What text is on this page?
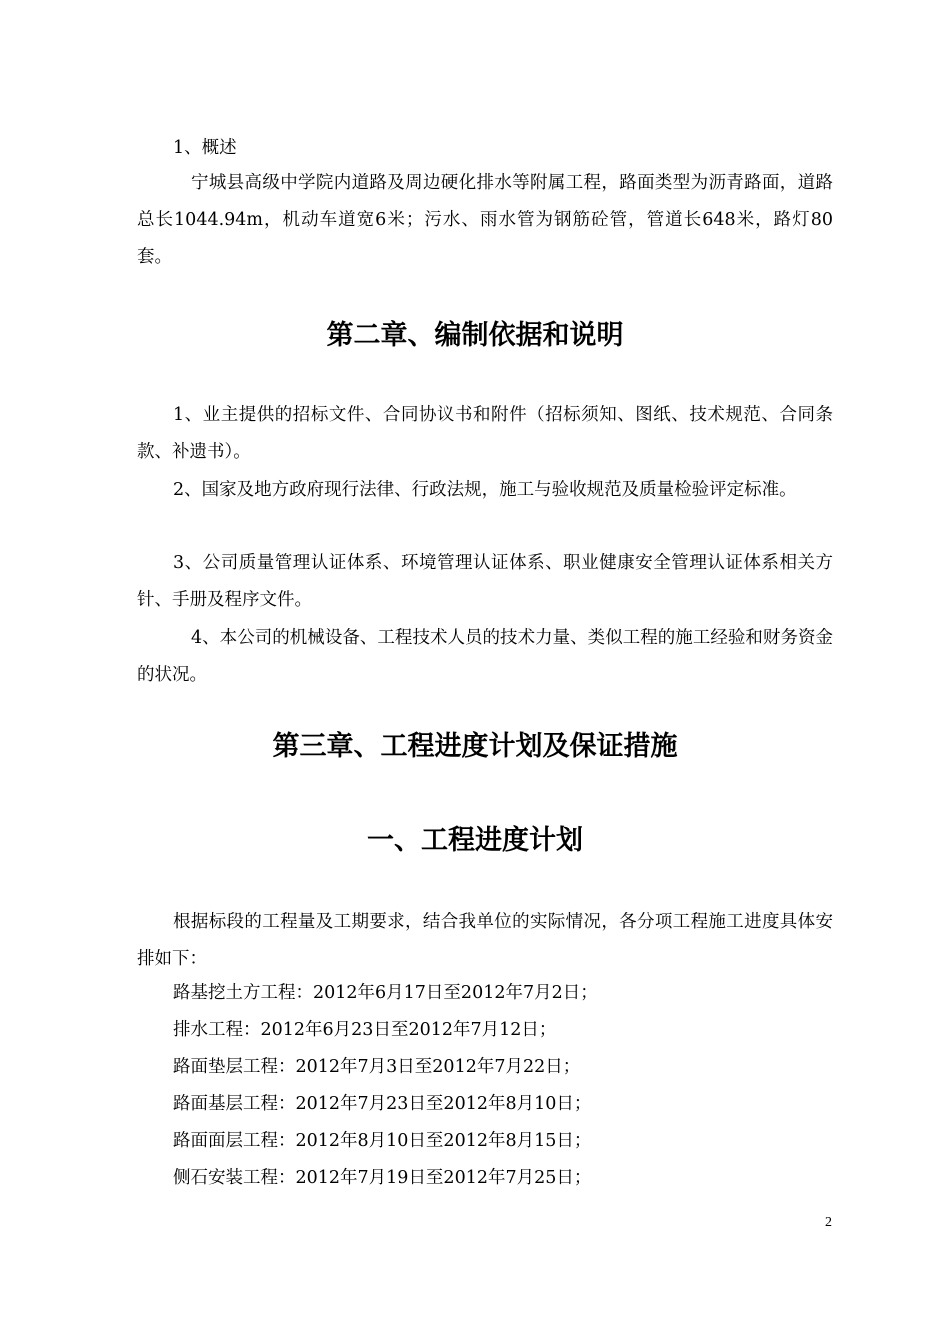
1、概述
宁城县高级中学院内道路及周边硬化排水等附属工程，路面类型为沥青路面，道路总长1044.94m，机动车道宽6米；污水、雨水管为钢筋砼管，管道长648米，路灯80套。
第二章、编制依据和说明
1、业主提供的招标文件、合同协议书和附件（招标须知、图纸、技术规范、合同条款、补遗书）。
2、国家及地方政府现行法律、行政法规，施工与验收规范及质量检验评定标准。
3、公司质量管理认证体系、环境管理认证体系、职业健康安全管理认证体系相关方针、手册及程序文件。
4、本公司的机械设备、工程技术人员的技术力量、类似工程的施工经验和财务资金的状况。
第三章、工程进度计划及保证措施
一、工程进度计划
根据标段的工程量及工期要求，结合我单位的实际情况，各分项工程施工进度具体安排如下：
路基挖土方工程：2012年6月17日至2012年7月2日；
排水工程：2012年6月23日至2012年7月12日；
路面垫层工程：2012年7月3日至2012年7月22日；
路面基层工程：2012年7月23日至2012年8月10日；
路面面层工程：2012年8月10日至2012年8月15日；
侧石安装工程：2012年7月19日至2012年7月25日；
2
